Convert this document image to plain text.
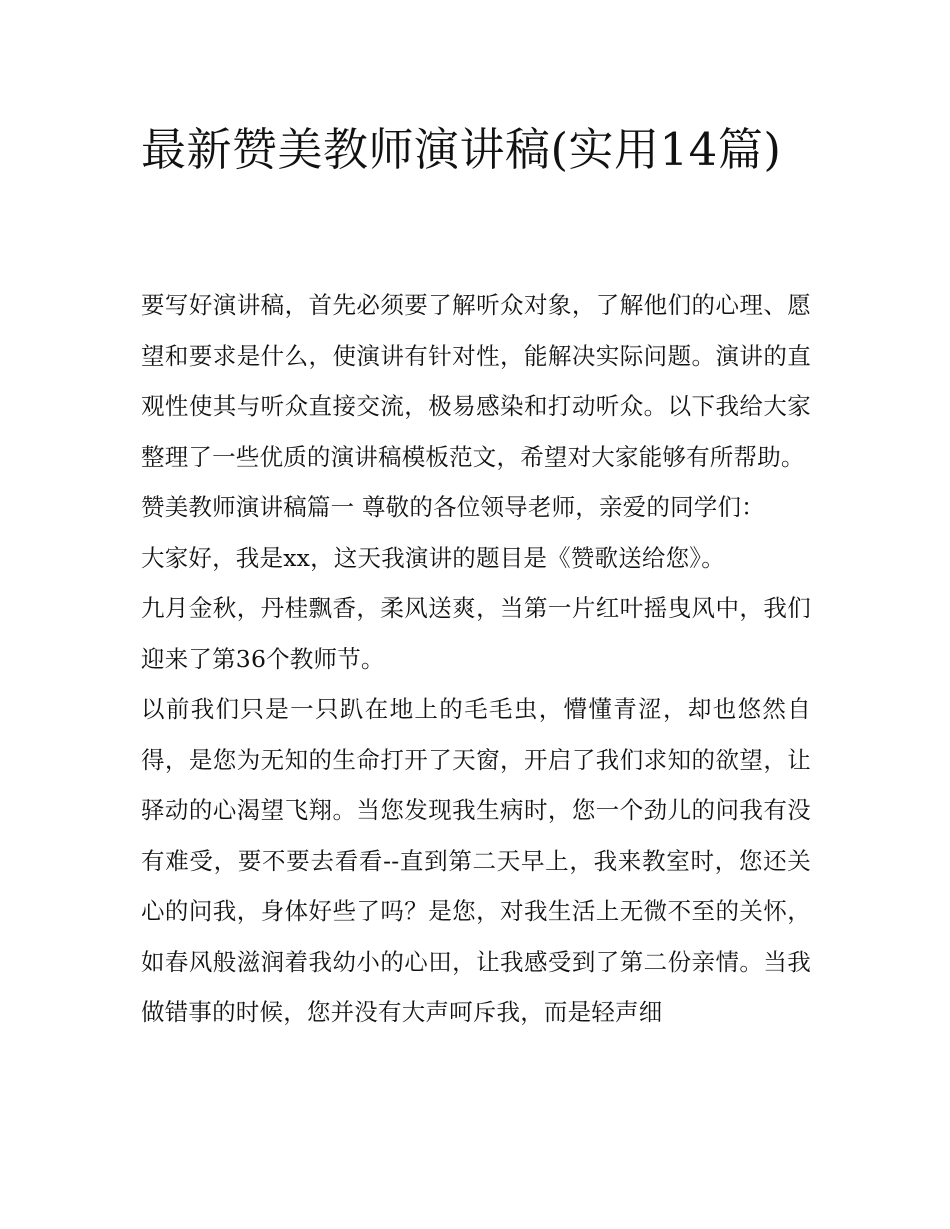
最新赞美教师演讲稿(实用14篇)

要写好演讲稿，首先必须要了解听众对象，了解他们的心理、愿望和要求是什么，使演讲有针对性，能解决实际问题。演讲的直观性使其与听众直接交流，极易感染和打动听众。以下我给大家整理了一些优质的演讲稿模板范文，希望对大家能够有所帮助。

赞美教师演讲稿篇一 尊敬的各位领导老师，亲爱的同学们：

大家好，我是xx，这天我演讲的题目是《赞歌送给您》。

九月金秋，丹桂飘香，柔风送爽，当第一片红叶摇曳风中，我们迎来了第36个教师节。

以前我们只是一只趴在地上的毛毛虫，懵懂青涩，却也悠然自得，是您为无知的生命打开了天窗，开启了我们求知的欲望，让驿动的心渴望飞翔。当您发现我生病时，您一个劲儿的问我有没有难受，要不要去看看--直到第二天早上，我来教室时，您还关心的问我，身体好些了吗？是您，对我生活上无微不至的关怀，如春风般滋润着我幼小的心田，让我感受到了第二份亲情。当我做错事的时候，您并没有大声呵斥我，而是轻声细
